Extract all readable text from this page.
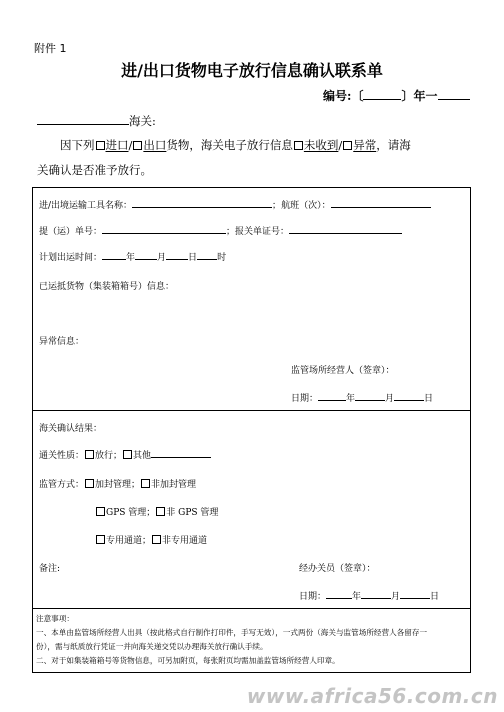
附件 1
进/出口货物电子放行信息确认联系单
编号:〔	〕年一
海关:
因下列 进口/ 出口货物，海关电子放行信息 未收到/ 异常，请海
关确认是否准予放行。
进/出境运输工具名称：	；航班（次）：
提（运）单号：	；报关单证号：
计划出运时间：	年 月 日 时
已运抵货物（集装箱箱号）信息：
异常信息：
监管场所经营人（签章）：
日期：	年	月	日
海关确认结果：
通关性质： 放行； 其他
监管方式： 加封管理； 非加封管理
GPS 管理； 非 GPS 管理
专用通道； 非专用通道
备注:	经办关员（签章）：
日期：	年	月	日
注意事项：
一、本单由监管场所经营人出具（按此格式自行制作打印件，手写无效），一式两份（海关与监管场所经营人各留存一
份），需与纸质放行凭证一并向海关递交凭以办理海关放行确认手续。
二、对于如集装箱箱号等货物信息，可另加附页，每张附页均需加盖监管场所经营人印章。
www.africa56.com.cn
